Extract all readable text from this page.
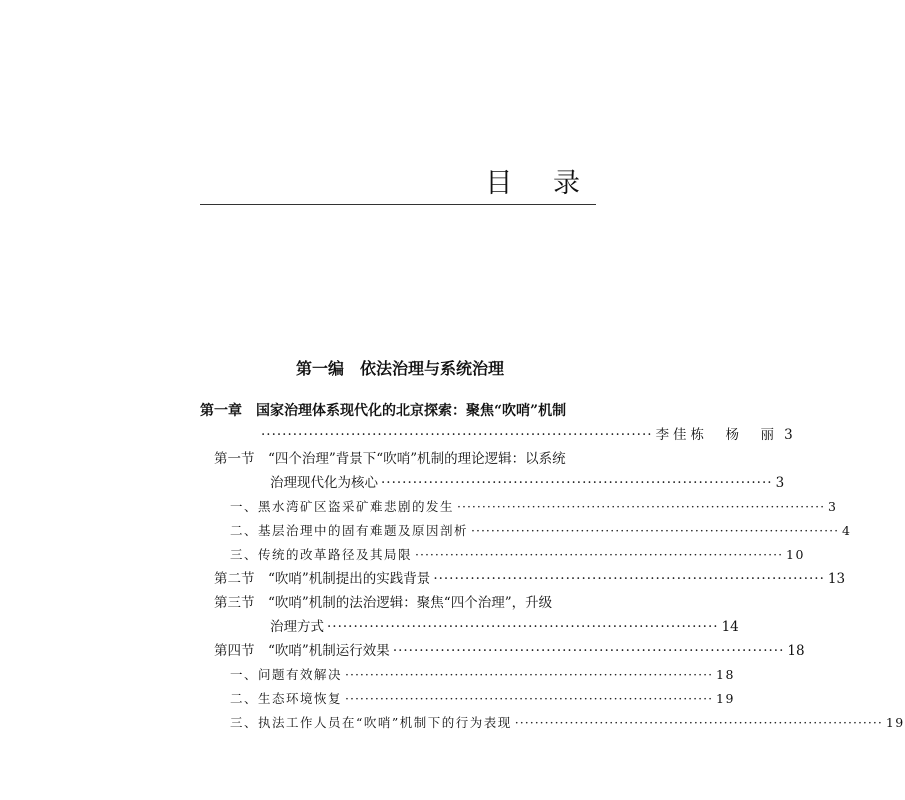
目 录
第一编　依法治理与系统治理
第一章　国家治理体系现代化的北京探索：聚焦“吹哨”机制
·········································································· 李佳栋　杨　丽 3
第一节　“四个治理”背景下“吹哨”机制的理论逻辑：以系统
治理现代化为核心 ·········································································· 3
一、黑水湾矿区盗采矿难悲剧的发生 ·········································································· 3
二、基层治理中的固有难题及原因剖析 ·········································································· 4
三、传统的改革路径及其局限 ·········································································· 10
第二节　“吹哨”机制提出的实践背景 ·········································································· 13
第三节　“吹哨”机制的法治逻辑：聚焦“四个治理”，升级
治理方式 ·········································································· 14
第四节　“吹哨”机制运行效果 ·········································································· 18
一、问题有效解决 ·········································································· 18
二、生态环境恢复 ·········································································· 19
三、执法工作人员在“吹哨”机制下的行为表现 ·········································································· 19
